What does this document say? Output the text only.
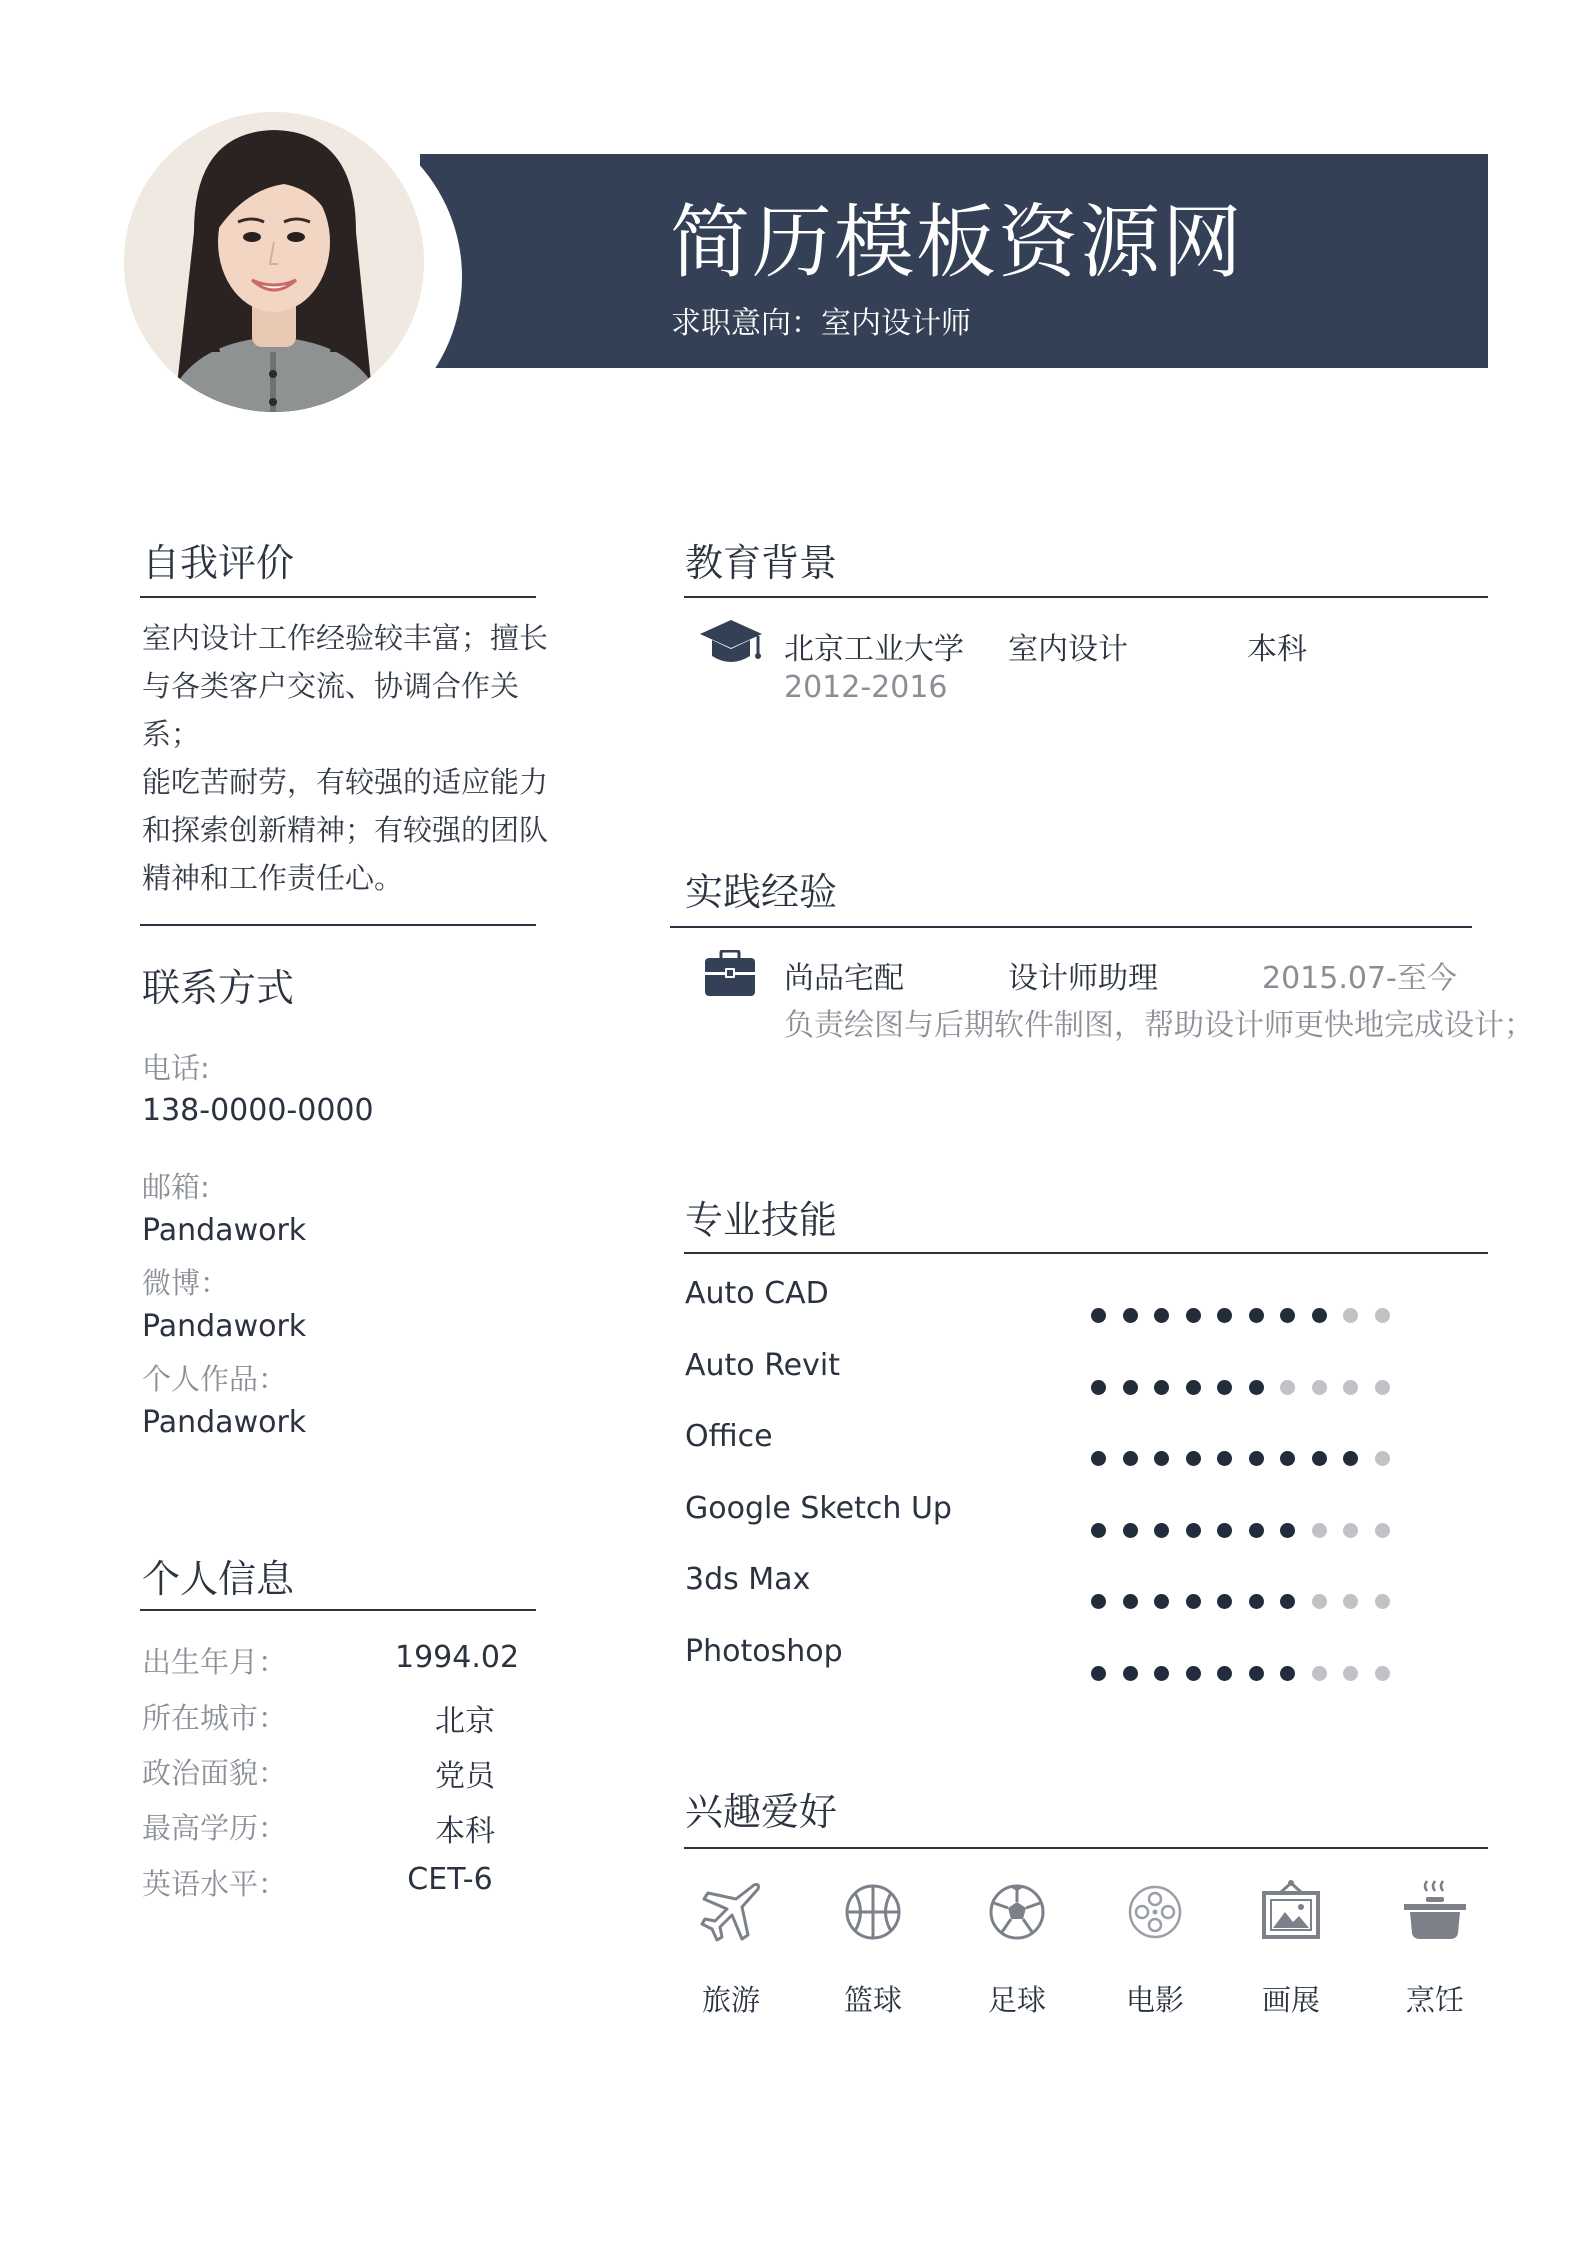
简历模板资源网
求职意向：室内设计师
自我评价
室内设计工作经验较丰富；擅长
与各类客户交流、协调合作关系；
能吃苦耐劳，有较强的适应能力
和探索创新精神；有较强的团队
精神和工作责任心。
联系方式
电话:
138-0000-0000
邮箱:
Pandawork
微博：
Pandawork
个人作品：
Pandawork
个人信息
出生年月：	1994.02
所在城市：	北京
政治面貌：	党员
最高学历：	本科
英语水平：	CET-6
教育背景
北京工业大学 室内设计	本科
2012-2016
实践经验
尚品宅配	设计师助理	2015.07-至今
负责绘图与后期软件制图，帮助设计师更快地完成设计；
专业技能
Auto CAD
Auto Revit
Office
Google Sketch Up
3ds Max
Photoshop
兴趣爱好
旅游	篮球	足球	电影	画展	烹饪
